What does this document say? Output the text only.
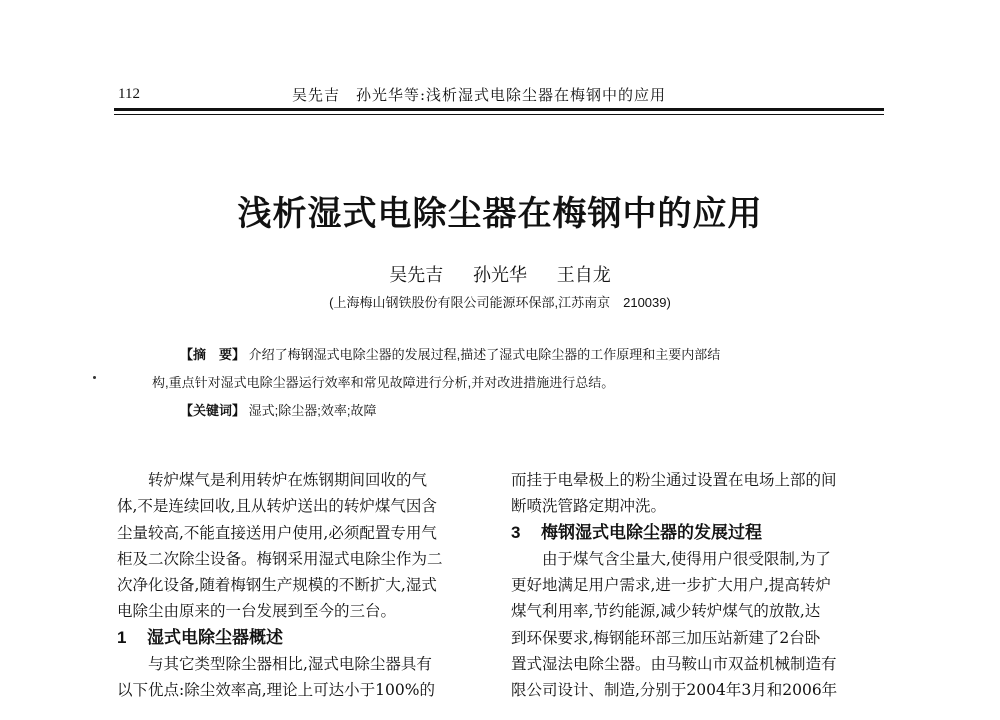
112	吴先吉　孙光华等:浅析湿式电除尘器在梅钢中的应用
浅析湿式电除尘器在梅钢中的应用
吴先吉 孙光华 王自龙
(上海梅山钢铁股份有限公司能源环保部,江苏南京　210039)
【摘　要】 介绍了梅钢湿式电除尘器的发展过程,描述了湿式电除尘器的工作原理和主要内部结
构,重点针对湿式电除尘器运行效率和常见故障进行分析,并对改进措施进行总结。
【关键词】 湿式;除尘器;效率;故障
转炉煤气是利用转炉在炼钢期间回收的气
体,不是连续回收,且从转炉送出的转炉煤气因含
尘量较高,不能直接送用户使用,必须配置专用气
柜及二次除尘设备。梅钢采用湿式电除尘作为二
次净化设备,随着梅钢生产规模的不断扩大,湿式
电除尘由原来的一台发展到至今的三台。
1 湿式电除尘器概述
与其它类型除尘器相比,湿式电除尘器具有
以下优点:除尘效率高,理论上可达小于100%的
而挂于电晕极上的粉尘通过设置在电场上部的间
断喷洗管路定期冲洗。
3 梅钢湿式电除尘器的发展过程
由于煤气含尘量大,使得用户很受限制,为了
更好地满足用户需求,进一步扩大用户,提高转炉
煤气利用率,节约能源,减少转炉煤气的放散,达
到环保要求,梅钢能环部三加压站新建了2台卧
置式湿法电除尘器。由马鞍山市双益机械制造有
限公司设计、制造,分别于2004年3月和2006年
